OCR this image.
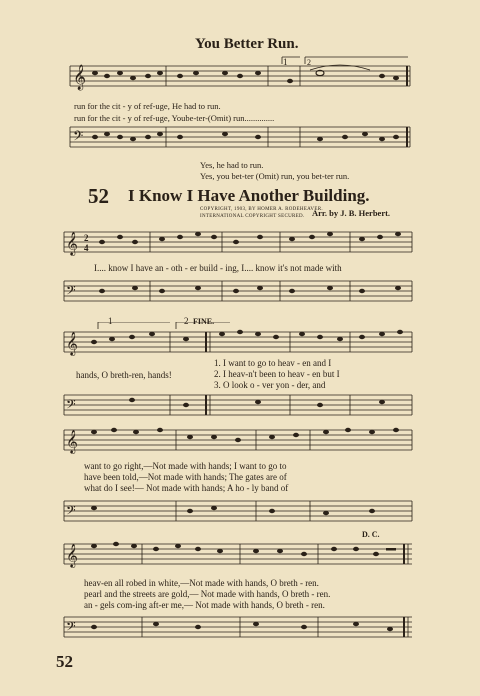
You Better Run.
𝄞
1 2
run for the cit - y of ref-uge, He had to run.
run for the cit - y of ref-uge, Yoube-ter-(Omit) run..............
𝄢
Yes, he had to run.
Yes, you bet-ter (Omit) run, you bet-ter run.
52 I Know I Have Another Building.
COPYRIGHT, 1903, BY HOMER A. RODEHEAVER.
INTERNATIONAL COPYRIGHT SECURED. Arr. by J. B. Herbert.
𝄞 2
4
I.... know I have an - oth - er build - ing, I.... know it's not made with
𝄢
1	2 FINE.
𝄞
hands, O breth-ren, hands!
1. I want to go to heav - en and I
2. I heav-n't been to heav - en but I
3. O look o - ver yon - der, and
𝄢
𝄞
want to go right,—Not made with hands; I want to go to
have been told,—Not made with hands; The gates are of
what do I see!— Not made with hands; A ho - ly band of
𝄢
D. C.
𝄞
heav-en all robed in white,—Not made with hands, O breth - ren.
pearl and the streets are gold,— Not made with hands, O breth - ren.
an - gels com-ing aft-er me,— Not made with hands, O breth - ren.
𝄢
52
